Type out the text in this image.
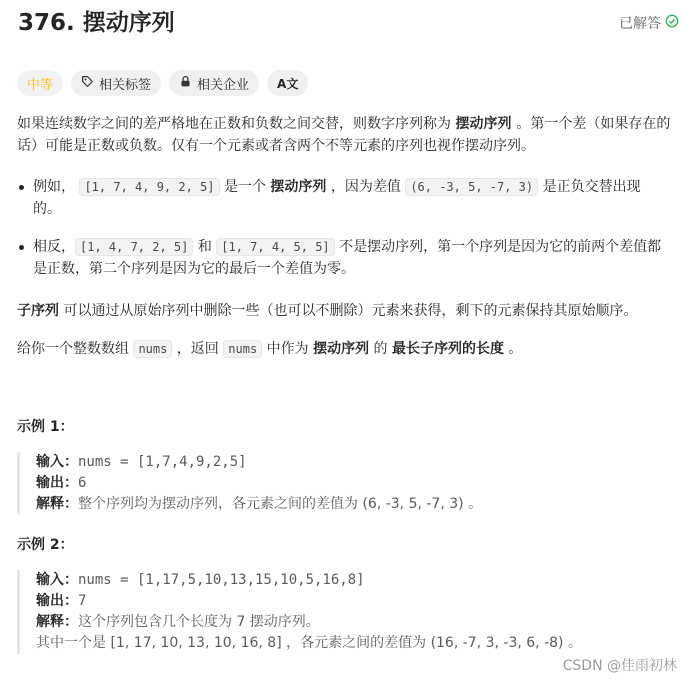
376. 摆动序列	已解答
中等	相关标签	相关企业 A文

如果连续数字之间的差严格地在正数和负数之间交替，则数字序列称为 摆动序列 。第一个差（如果存在的话）可能是正数或负数。仅有一个元素或者含两个不等元素的序列也视作摆动序列。

例如， [1, 7, 4, 9, 2, 5] 是一个 摆动序列 ，因为差值 (6, -3, 5, -7, 3) 是正负交替出现的。

相反， [1, 4, 7, 2, 5] 和 [1, 7, 4, 5, 5] 不是摆动序列，第一个序列是因为它的前两个差值都是正数，第二个序列是因为它的最后一个差值为零。

子序列 可以通过从原始序列中删除一些（也可以不删除）元素来获得，剩下的元素保持其原始顺序。

给你一个整数数组 nums ，返回 nums 中作为 摆动序列 的 最长子序列的长度 。

示例 1：
输入：nums = [1,7,4,9,2,5]
输出：6
解释：整个序列均为摆动序列，各元素之间的差值为 (6, -3, 5, -7, 3) 。
示例 2：
输入：nums = [1,17,5,10,13,15,10,5,16,8]
输出：7
解释：这个序列包含几个长度为 7 摆动序列。
其中一个是 [1, 17, 10, 13, 10, 16, 8] ，各元素之间的差值为 (16, -7, 3, -3, 6, -8) 。
CSDN @佳雨初林
